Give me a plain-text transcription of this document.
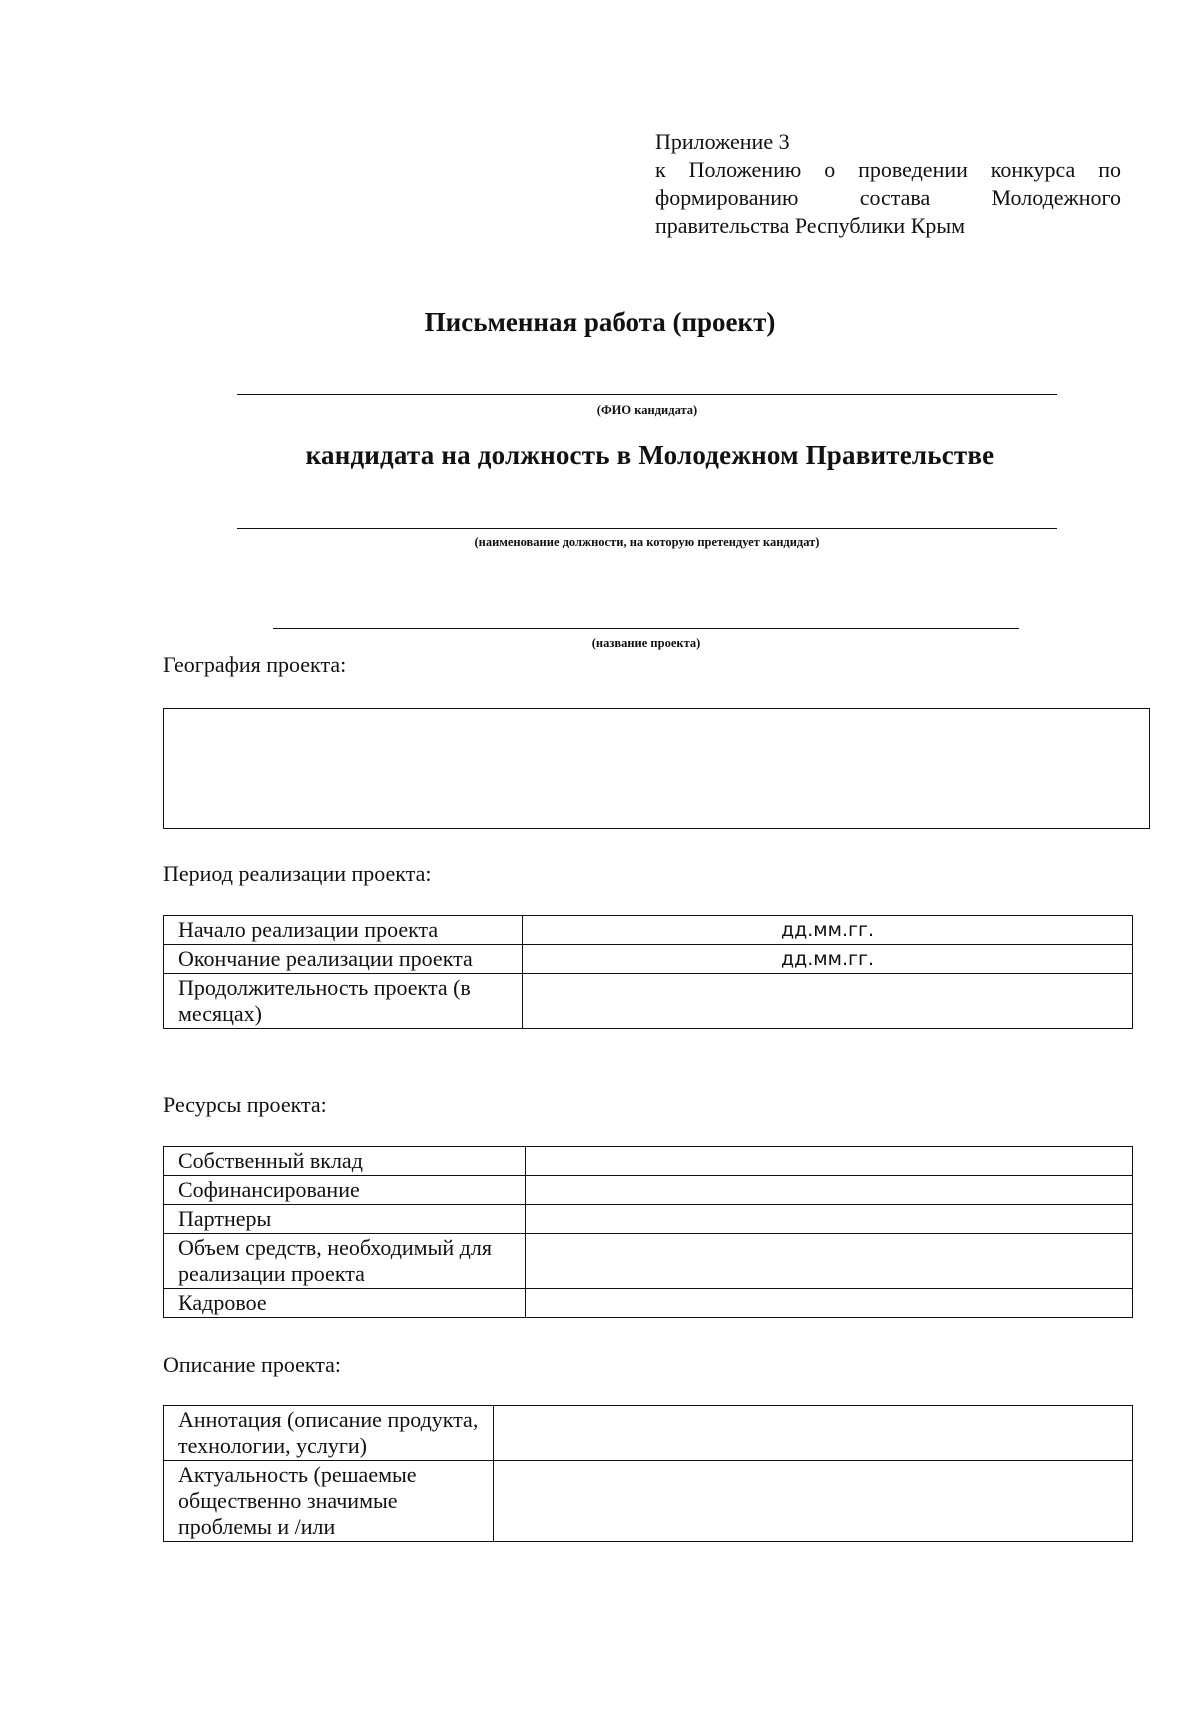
Приложение 3
к Положению о проведении конкурса по
формированию состава Молодежного
правительства Республики Крым
Письменная работа (проект)
(ФИО кандидата)
кандидата на должность в Молодежном Правительстве
(наименование должности, на которую претендует кандидат)
(название проекта)
География проекта:
Период реализации проекта:
Начало реализации проекта	дд.мм.гг.
Окончание реализации проекта	дд.мм.гг.
Продолжительность проекта (в месяцах)	
Ресурсы проекта:
Собственный вклад	
Софинансирование	
Партнеры	
Объем средств, необходимый для реализации проекта	
Кадровое	
Описание проекта:
Аннотация (описание продукта, технологии, услуги)	
Актуальность (решаемые общественно значимые проблемы и /или	
